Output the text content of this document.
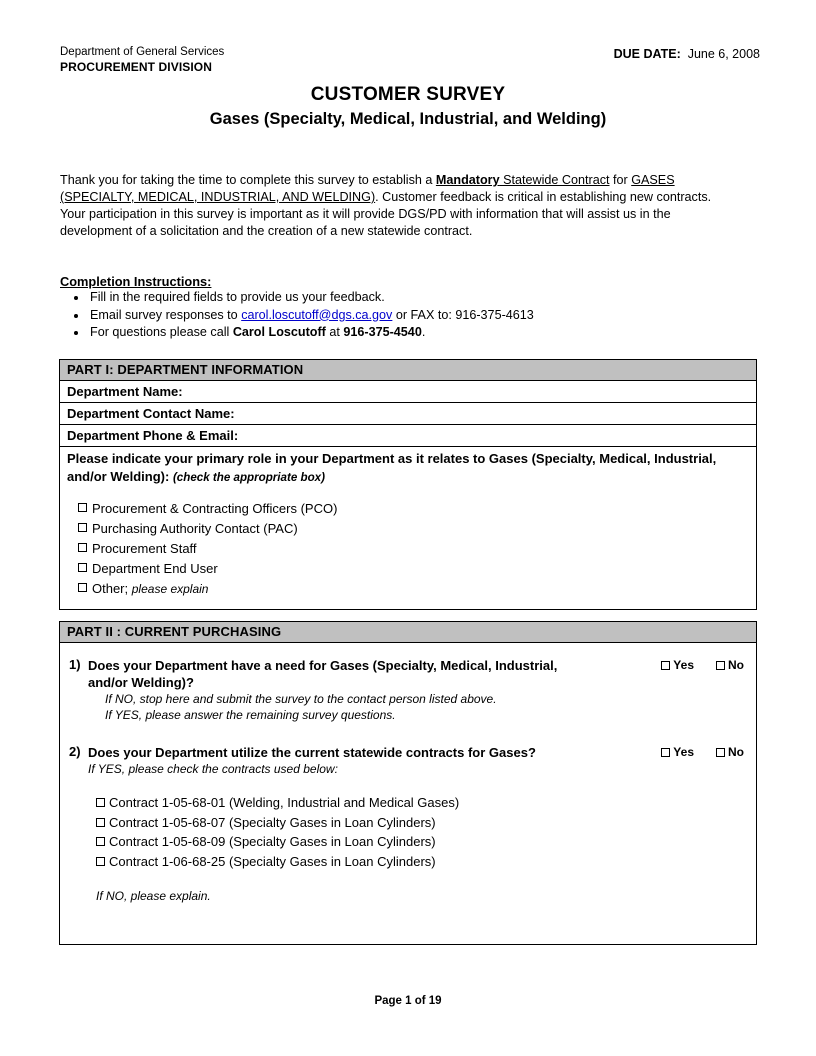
Department of General Services
PROCUREMENT DIVISION
DUE DATE: June 6, 2008
CUSTOMER SURVEY
Gases (Specialty, Medical, Industrial, and Welding)
Thank you for taking the time to complete this survey to establish a Mandatory Statewide Contract for GASES (SPECIALTY, MEDICAL, INDUSTRIAL, AND WELDING). Customer feedback is critical in establishing new contracts. Your participation in this survey is important as it will provide DGS/PD with information that will assist us in the development of a solicitation and the creation of a new statewide contract.
Completion Instructions:
• Fill in the required fields to provide us your feedback.
• Email survey responses to carol.loscutoff@dgs.ca.gov or FAX to: 916-375-4613
• For questions please call Carol Loscutoff at 916-375-4540.
PART I: DEPARTMENT INFORMATION
Department Name:
Department Contact Name:
Department Phone & Email:
Please indicate your primary role in your Department as it relates to Gases (Specialty, Medical, Industrial, and/or Welding): (check the appropriate box)
Procurement & Contracting Officers (PCO)
Purchasing Authority Contact (PAC)
Procurement Staff
Department End User
Other; please explain
PART II : CURRENT PURCHASING
1) Does your Department have a need for Gases (Specialty, Medical, Industrial, and/or Welding)?
If NO, stop here and submit the survey to the contact person listed above.
If YES, please answer the remaining survey questions.
Yes	No
2) Does your Department utilize the current statewide contracts for Gases?
If YES, please check the contracts used below:
Yes	No
Contract 1-05-68-01 (Welding, Industrial and Medical Gases)
Contract 1-05-68-07 (Specialty Gases in Loan Cylinders)
Contract 1-05-68-09 (Specialty Gases in Loan Cylinders)
Contract 1-06-68-25 (Specialty Gases in Loan Cylinders)
If NO, please explain.
Page 1 of 19
